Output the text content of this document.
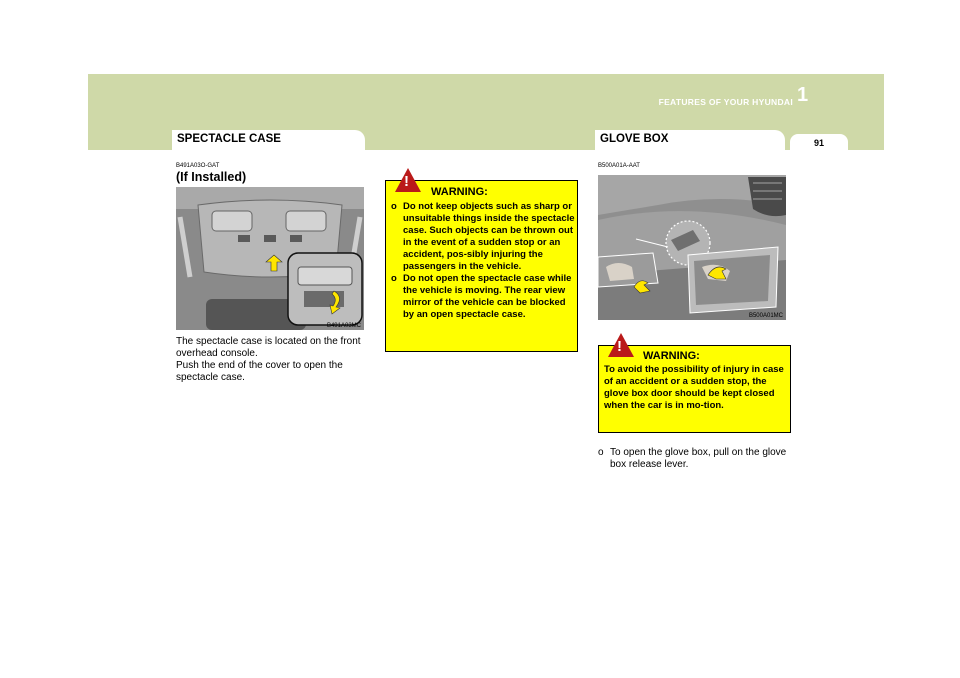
FEATURES OF YOUR HYUNDAI 1
91
SPECTACLE CASE	GLOVE BOX
B491A03O-GAT
(If Installed)
B491A03MC
The spectacle case is located on the front overhead console.
Push the end of the cover to open the spectacle case.
!
WARNING:
o Do not keep objects such as sharp or unsuitable things inside the spectacle case. Such objects can be thrown out in the event of a sudden stop or an accident, pos-sibly injuring the passengers in the vehicle.
o Do not open the spectacle case while the vehicle is moving. The rear view mirror of the vehicle can be blocked by an open spectacle case.
B500A01A-AAT
B500A01MC
!
WARNING:
To avoid the possibility of injury in case of an accident or a sudden stop, the glove box door should be kept closed when the car is in mo-tion.
o To open the glove box, pull on the glove box release lever.
